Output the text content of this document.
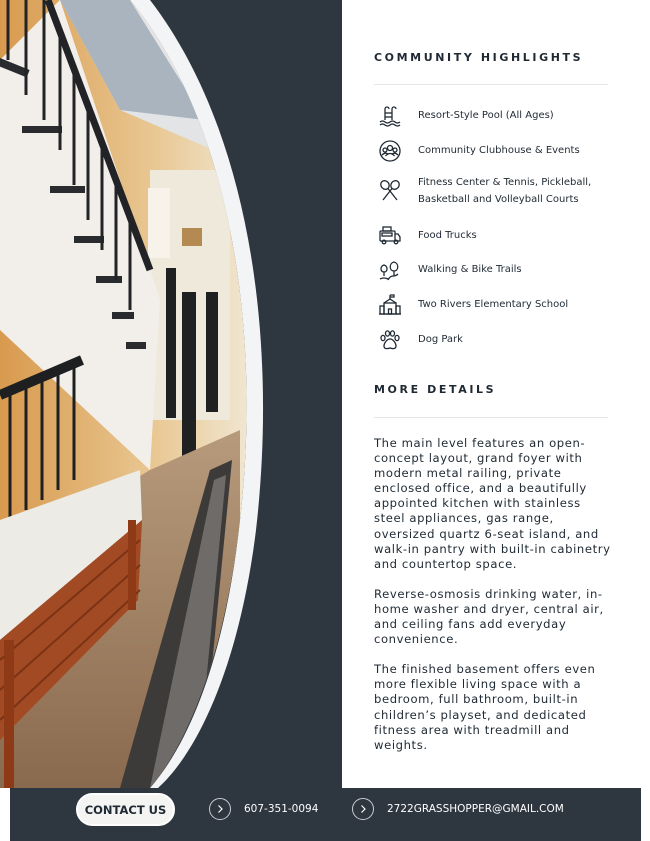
COMMUNITY HIGHLIGHTS
Resort-Style Pool (All Ages)
Community Clubhouse & Events
Fitness Center & Tennis, Pickleball, Basketball and Volleyball Courts
Food Trucks
Walking & Bike Trails
Two Rivers Elementary School
Dog Park
MORE DETAILS

The main level features an open-concept layout, grand foyer with modern metal railing, private enclosed office, and a beautifully appointed kitchen with stainless steel appliances, gas range, oversized quartz 6-seat island, and walk-in pantry with built-in cabinetry and countertop space.

Reverse-osmosis drinking water, in-home washer and dryer, central air, and ceiling fans add everyday convenience.

The finished basement offers even more flexible living space with a bedroom, full bathroom, built-in children’s playset, and dedicated fitness area with treadmill and weights.

CONTACT US	607-351-0094	2722GRASSHOPPER@GMAIL.COM
